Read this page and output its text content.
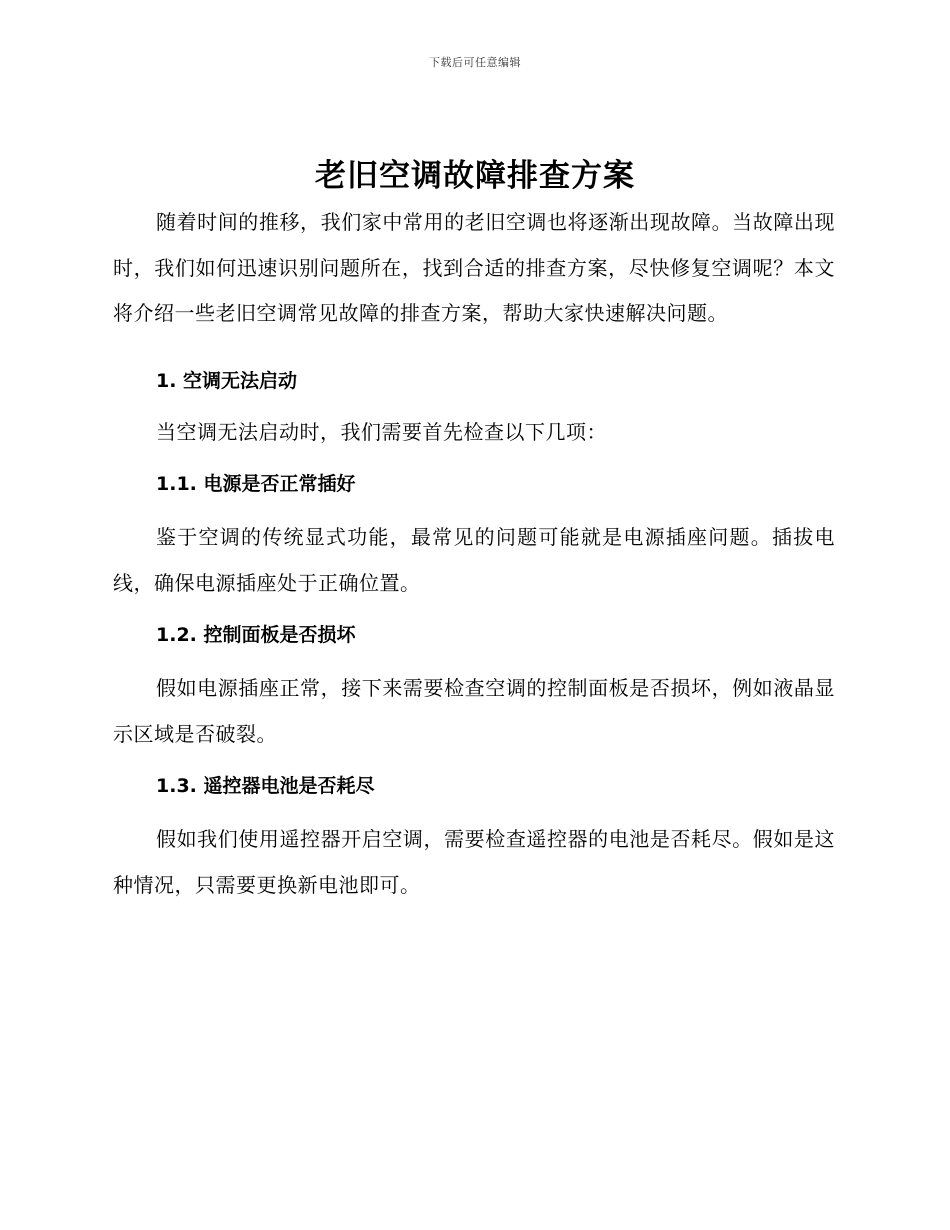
下载后可任意编辑
老旧空调故障排查方案

随着时间的推移，我们家中常用的老旧空调也将逐渐出现故障。当故障出现时，我们如何迅速识别问题所在，找到合适的排查方案，尽快修复空调呢？本文将介绍一些老旧空调常见故障的排查方案，帮助大家快速解决问题。

1. 空调无法启动

当空调无法启动时，我们需要首先检查以下几项：

1.1. 电源是否正常插好

鉴于空调的传统显式功能，最常见的问题可能就是电源插座问题。插拔电线，确保电源插座处于正确位置。

1.2. 控制面板是否损坏

假如电源插座正常，接下来需要检查空调的控制面板是否损坏，例如液晶显示区域是否破裂。

1.3. 遥控器电池是否耗尽

假如我们使用遥控器开启空调，需要检查遥控器的电池是否耗尽。假如是这种情况，只需要更换新电池即可。
